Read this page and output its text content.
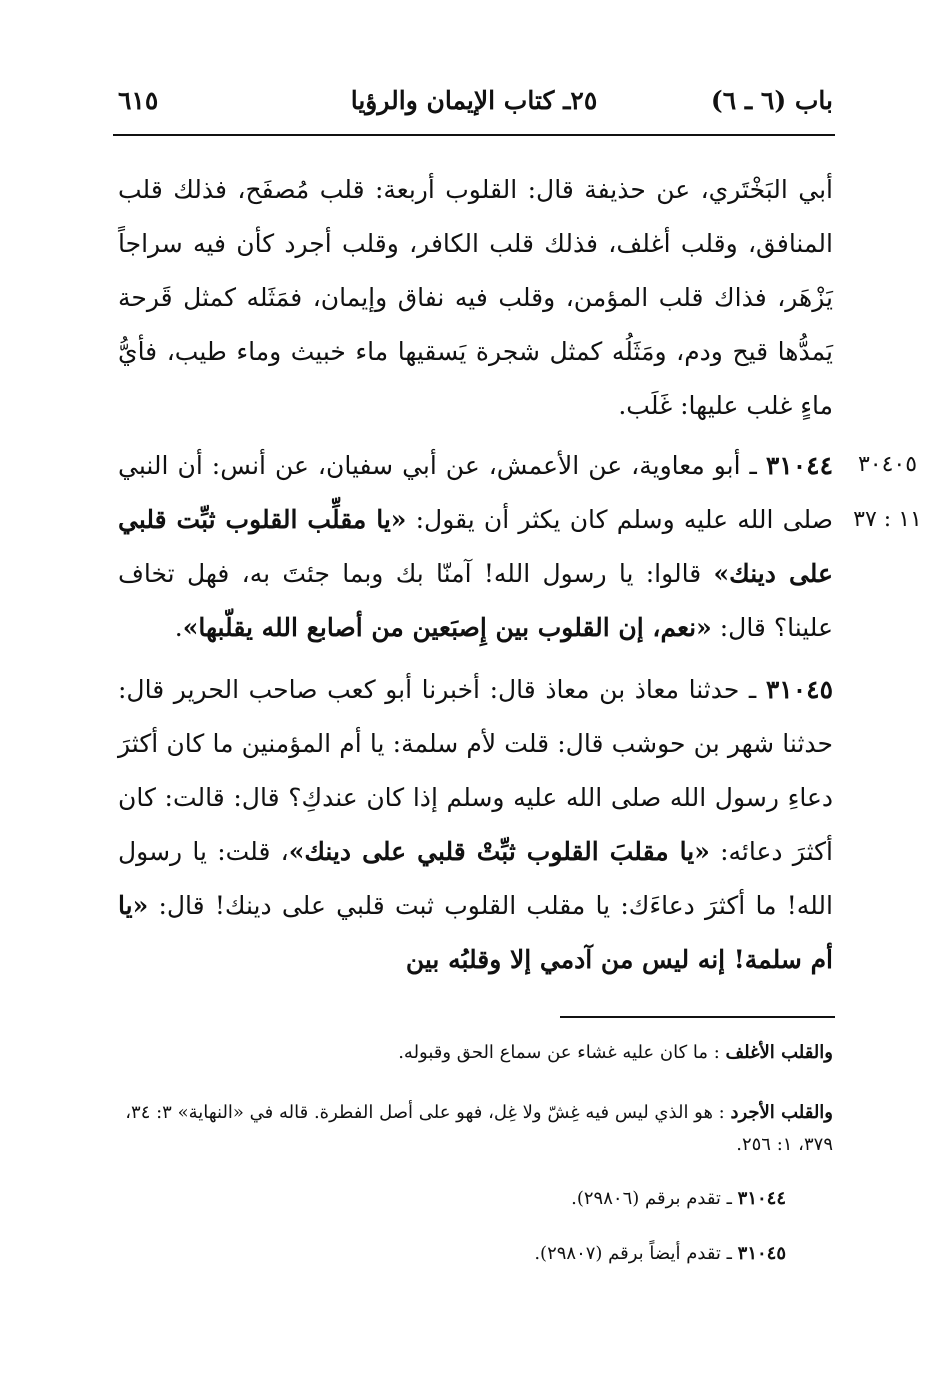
باب (٦ ـ ٦)
٢٥ـ كتاب الإيمان والرؤيا
٦١٥
أبي البَخْتَري، عن حذيفة قال: القلوب أربعة: قلب مُصفَح، فذلك قلب المنافق، وقلب أغلف، فذلك قلب الكافر، وقلب أجرد كأن فيه سراجاً يَزْهَر، فذاك قلب المؤمن، وقلب فيه نفاق وإيمان، فمَثَله كمثل قَرحة يَمدُّها قيح ودم، ومَثَلُه كمثل شجرة يَسقيها ماء خبيث وماء طيب، فأيُّ ماءٍ غلب عليها: غَلَب.
٣٠٤٠٥
١١ : ٣٧
٣١٠٤٤ ـ أبو معاوية، عن الأعمش، عن أبي سفيان، عن أنس: أن النبي صلى الله عليه وسلم كان يكثر أن يقول: «يا مقلِّب القلوب ثبِّت قلبي على دينك» قالوا: يا رسول الله! آمنّا بك وبما جئتَ به، فهل تخاف علينا؟ قال: «نعم، إن القلوب بين إِصبَعين من أصابع الله يقلّبها».
٣١٠٤٥ ـ حدثنا معاذ بن معاذ قال: أخبرنا أبو كعب صاحب الحرير قال: حدثنا شهر بن حوشب قال: قلت لأم سلمة: يا أم المؤمنين ما كان أكثرَ دعاءِ رسول الله صلى الله عليه وسلم إذا كان عندكِ؟ قال: قالت: كان أكثرَ دعائه: «يا مقلبَ القلوب ثبِّتْ قلبي على دينك»، قلت: يا رسول الله! ما أكثرَ دعاءَك: يا مقلب القلوب ثبت قلبي على دينك! قال: «يا أم سلمة! إنه ليس من آدمي إلا وقلبُه بين
والقلب الأغلف : ما كان عليه غشاء عن سماع الحق وقبوله.
والقلب الأجرد : هو الذي ليس فيه غِشّ ولا غِل، فهو على أصل الفطرة. قاله في «النهاية» ٣: ٣٤، ٣٧٩، ١: ٢٥٦.
٣١٠٤٤ ـ تقدم برقم (٢٩٨٠٦).
٣١٠٤٥ ـ تقدم أيضاً برقم (٢٩٨٠٧).
